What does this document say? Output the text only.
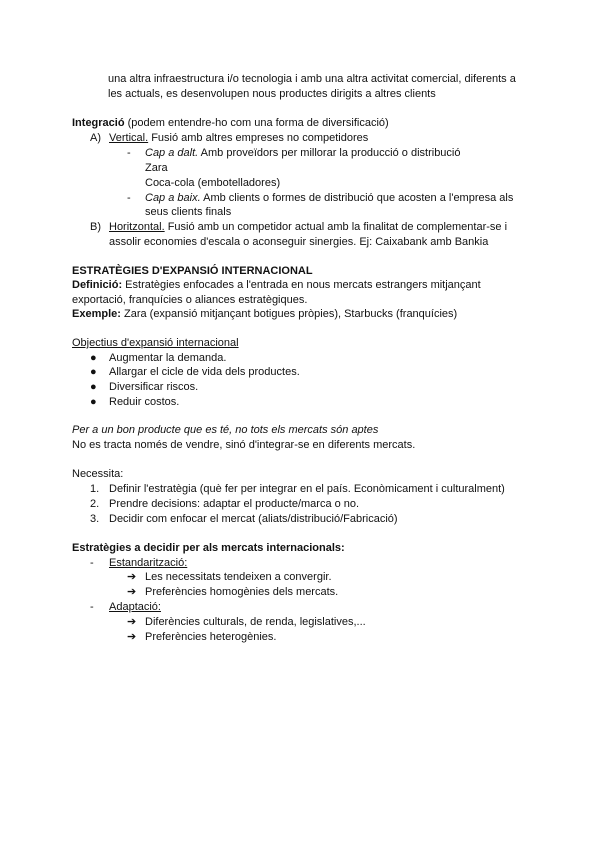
una altra infraestructura i/o tecnologia i amb una altra activitat comercial, diferents a
les actuals, es desenvolupen nous productes dirigits a altres clients
Integració (podem entendre-ho com una forma de diversificació)
A) Vertical. Fusió amb altres empreses no competidores
- Cap a dalt. Amb proveïdors per millorar la producció o distribució
Zara
Coca-cola (embotelladores)
- Cap a baix. Amb clients o formes de distribució que acosten a l'empresa als
seus clients finals
B) Horitzontal. Fusió amb un competidor actual amb la finalitat de complementar-se i
assolir economies d'escala o aconseguir sinergies. Ej: Caixabank amb Bankia
ESTRATÈGIES D'EXPANSIÓ INTERNACIONAL
Definició: Estratègies enfocades a l'entrada en nous mercats estrangers mitjançant
exportació, franquícies o aliances estratègiques.
Exemple: Zara (expansió mitjançant botigues pròpies), Starbucks (franquícies)
Objectius d'expansió internacional
●	Augmentar la demanda.
●	Allargar el cicle de vida dels productes.
●	Diversificar riscos.
●	Reduir costos.
Per a un bon producte que es té, no tots els mercats són aptes
No es tracta només de vendre, sinó d'integrar-se en diferents mercats.
Necessita:
1. Definir l'estratègia (què fer per integrar en el país. Econòmicament i culturalment)
2. Prendre decisions: adaptar el producte/marca o no.
3. Decidir com enfocar el mercat (aliats/distribució/Fabricació)
Estratègies a decidir per als mercats internacionals:
- Estandarització:
➔ Les necessitats tendeixen a convergir.
➔ Preferències homogènies dels mercats.
- Adaptació:
➔ Diferències culturals, de renda, legislatives,...
➔ Preferències heterogènies.
